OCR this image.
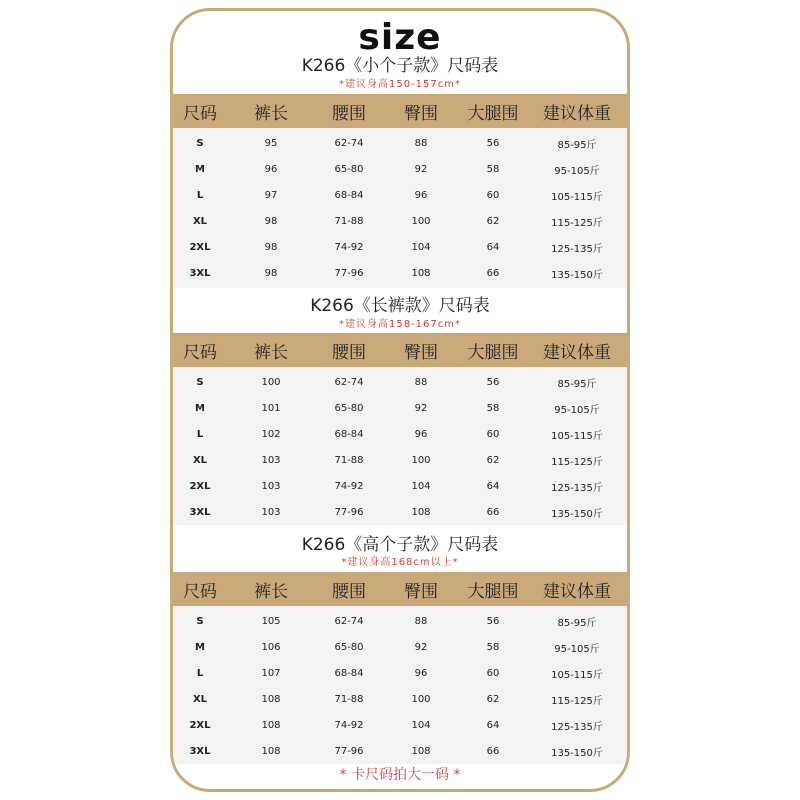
size
K266《小个子款》尺码表
*建议身高150-157cm*
尺码	裤长	腰围	臀围	大腿围	建议体重
S	95	62-74	88	56	85-95斤
M	96	65-80	92	58	95-105斤
L	97	68-84	96	60	105-115斤
XL	98	71-88	100	62	115-125斤
2XL	98	74-92	104	64	125-135斤
3XL	98	77-96	108	66	135-150斤
K266《长裤款》尺码表
*建议身高158-167cm*
尺码	裤长	腰围	臀围	大腿围	建议体重
S	100	62-74	88	56	85-95斤
M	101	65-80	92	58	95-105斤
L	102	68-84	96	60	105-115斤
XL	103	71-88	100	62	115-125斤
2XL	103	74-92	104	64	125-135斤
3XL	103	77-96	108	66	135-150斤
K266《高个子款》尺码表
*建议身高168cm以上*
尺码	裤长	腰围	臀围	大腿围	建议体重
S	105	62-74	88	56	85-95斤
M	106	65-80	92	58	95-105斤
L	107	68-84	96	60	105-115斤
XL	108	71-88	100	62	115-125斤
2XL	108	74-92	104	64	125-135斤
3XL	108	77-96	108	66	135-150斤
* 卡尺码拍大一码 *
